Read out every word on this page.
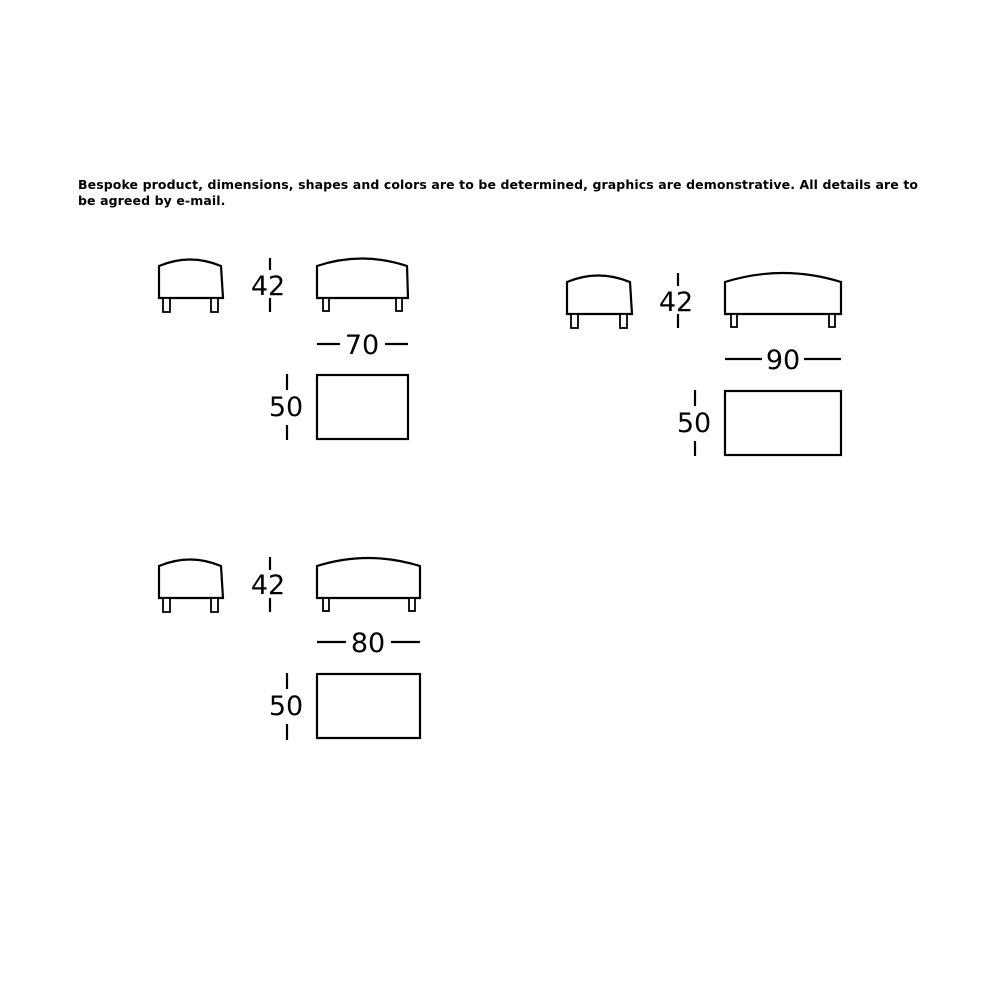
Bespoke product, dimensions, shapes and colors are to be determined, graphics are demonstrative. All details are to be agreed by e-mail.
42
70
50
42
90
50
42
80
50
